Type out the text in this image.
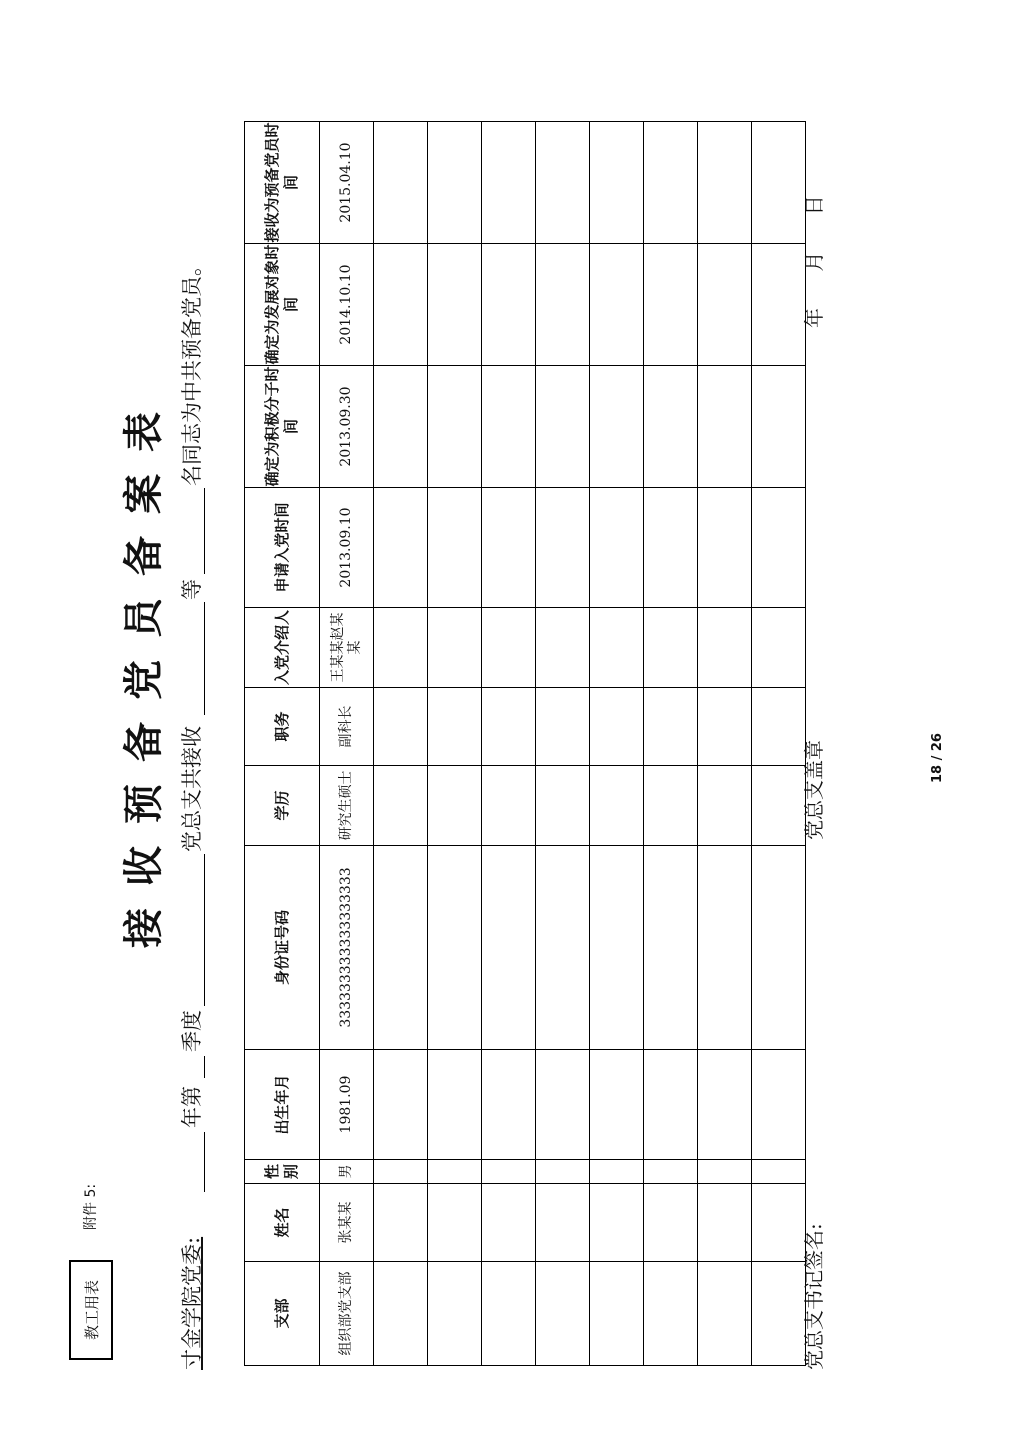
教工用表
附件 5:
接收预备党员备案表
寸金学院党委:
年第
季度
党总支共接收
等
名同志为中共预备党员。
支部	姓名	性别	出生年月	身份证号码	学历	职务	入党介绍人	申请入党时间	确定为积极分子时间	确定为发展对象时间	接收为预备党员时间
组织部党支部	张某某	男	1981.09	333333333333333333	研究生硕士	副科长	王某某赵某某	2013.09.10	2013.09.30	2014.10.10	2015.04.10

党总支书记签名:
党总支盖章
年 月 日
18 / 26
